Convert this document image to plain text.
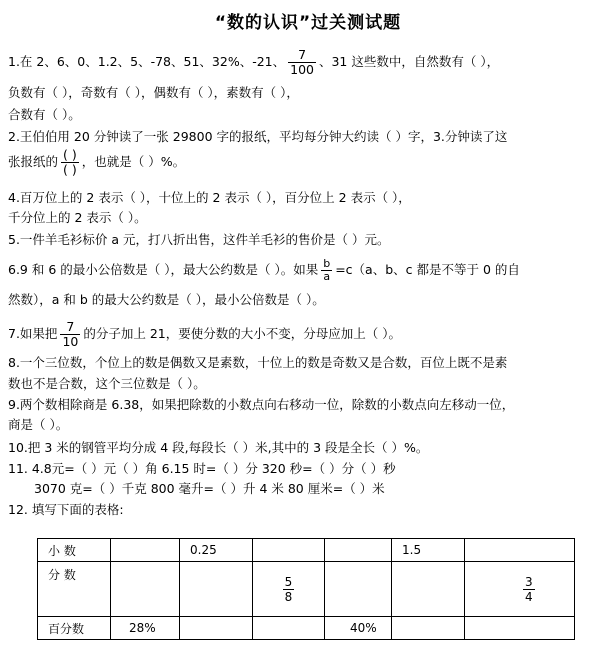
“数的认识”过关测试题
1.在 2、6、0、1.2、5、-78、51、32%、-21、 $\frac{7}{100}$ 、31 这些数中，自然数有（ ），
负数有（ ），奇数有（ ），偶数有（ ），素数有（ ），
合数有（ ）。
2.王伯伯用 20 分钟读了一张 29800 字的报纸，平均每分钟大约读（ ）字，3.分钟读了这
张报纸的 $\frac{( )}{( )}$ ，也就是（ ）%。
4.百万位上的 2 表示（ ），十位上的 2 表示（ ），百分位上 2 表示（ ），
千分位上的 2 表示（ ）。
5.一件羊毛衫标价 a 元，打八折出售，这件羊毛衫的售价是（ ）元。
6.9 和 6 的最小公倍数是（ ），最大公约数是（ ）。如果 $\frac{b}{a} =c(a$、b、c 都是不等于 0 的自
然数），a 和 b 的最大公约数是（ ），最小公倍数是（ ）。
7.如果把 $\frac{7}{10}$ 的分子加上 21，要使分数的大小不变，分母应加上（ ）。
8.一个三位数，个位上的数是偶数又是素数，十位上的数是奇数又是合数，百位上既不是素
数也不是合数，这个三位数是（ ）。
9.两个数相除商是 6.38，如果把除数的小数点向右移动一位，除数的小数点向左移动一位，
商是（ ）。
10.把 3 米的钢管平均分成 4 段,每段长（ ）米,其中的 3 段是全长（ ）%。
11. 4.8元=（ ）元（ ）角 6.15 时=（ ）分 320 秒=（ ）分（ ）秒
3070 克=（ ）千克 800 毫升=（ ）升 4 米 80 厘米=（ ）米
12. 填写下面的表格:
小 数		0.25			1.5	
分 数			$\frac{5}{8}$			$\frac{3}{4}$

百分数	28%			40%		
